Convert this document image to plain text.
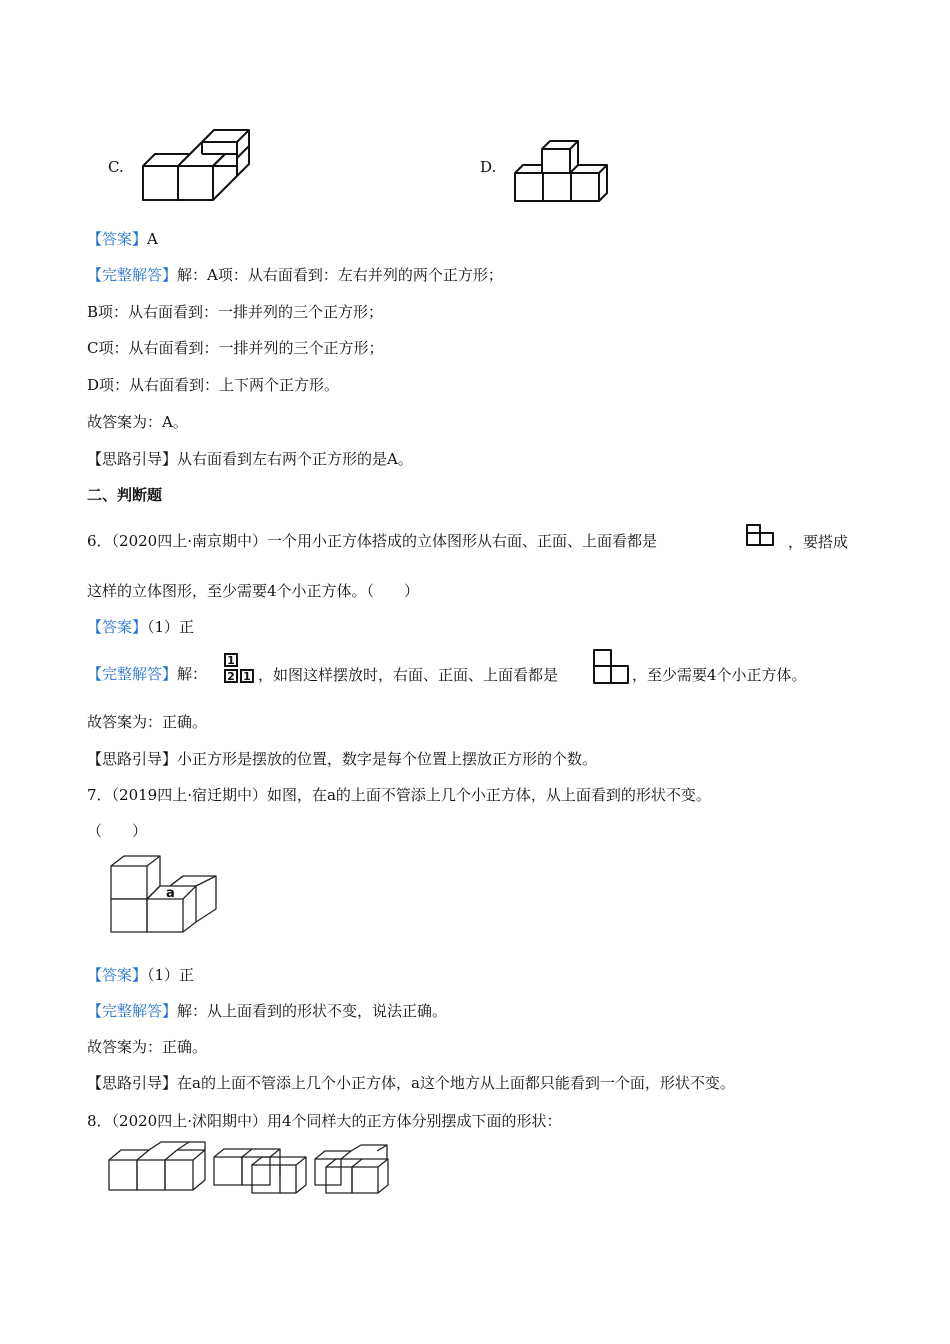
C.	D.
【答案】A
【完整解答】解：A项：从右面看到：左右并列的两个正方形；
B项：从右面看到：一排并列的三个正方形；
C项：从右面看到：一排并列的三个正方形；
D项：从右面看到：上下两个正方形。
故答案为：A。
【思路引导】从右面看到左右两个正方形的是A。
二、判断题
6．（2020四上·南京期中）一个用小正方体搭成的立体图形从右面、正面、上面看都是	，要搭成
这样的立体图形，至少需要4个小正方体。（　　）
【答案】（1）正
【完整解答】解：
1
2 1 ，如图这样摆放时，右面、正面、上面看都是	，至少需要4个小正方体。
故答案为：正确。
【思路引导】小正方形是摆放的位置，数字是每个位置上摆放正方形的个数。
7．（2019四上·宿迁期中）如图，在a的上面不管添上几个小正方体，从上面看到的形状不变。
（　　）
a
【答案】（1）正
【完整解答】解：从上面看到的形状不变，说法正确。
故答案为：正确。
【思路引导】在a的上面不管添上几个小正方体，a这个地方从上面都只能看到一个面，形状不变。
8．（2020四上·沭阳期中）用4个同样大的正方体分别摆成下面的形状：
